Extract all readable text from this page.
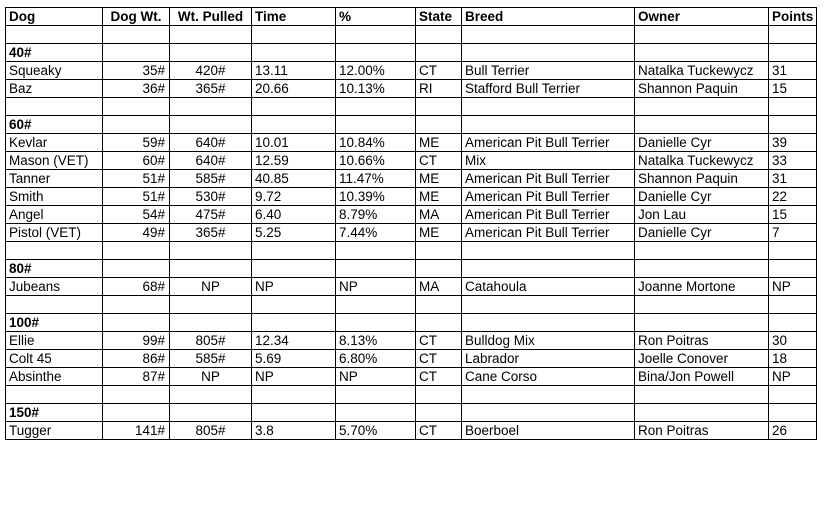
Dog	Dog Wt.	Wt. Pulled	Time	%	State	Breed	Owner	Points

40#								
Squeaky	35#	420#	13.11	12.00%	CT	Bull Terrier	Natalka Tuckewycz	31
Baz	36#	365#	20.66	10.13%	RI	Stafford Bull Terrier	Shannon Paquin	15

60#								
Kevlar	59#	640#	10.01	10.84%	ME	American Pit Bull Terrier	Danielle Cyr	39
Mason (VET)	60#	640#	12.59	10.66%	CT	Mix	Natalka Tuckewycz	33
Tanner	51#	585#	40.85	11.47%	ME	American Pit Bull Terrier	Shannon Paquin	31
Smith	51#	530#	9.72	10.39%	ME	American Pit Bull Terrier	Danielle Cyr	22
Angel	54#	475#	6.40	8.79%	MA	American Pit Bull Terrier	Jon Lau	15
Pistol (VET)	49#	365#	5.25	7.44%	ME	American Pit Bull Terrier	Danielle Cyr	7

80#								
Jubeans	68#	NP	NP	NP	MA	Catahoula	Joanne Mortone	NP

100#								
Ellie	99#	805#	12.34	8.13%	CT	Bulldog Mix	Ron Poitras	30
Colt 45	86#	585#	5.69	6.80%	CT	Labrador	Joelle Conover	18
Absinthe	87#	NP	NP	NP	CT	Cane Corso	Bina/Jon Powell	NP

150#								
Tugger	141#	805#	3.8	5.70%	CT	Boerboel	Ron Poitras	26
